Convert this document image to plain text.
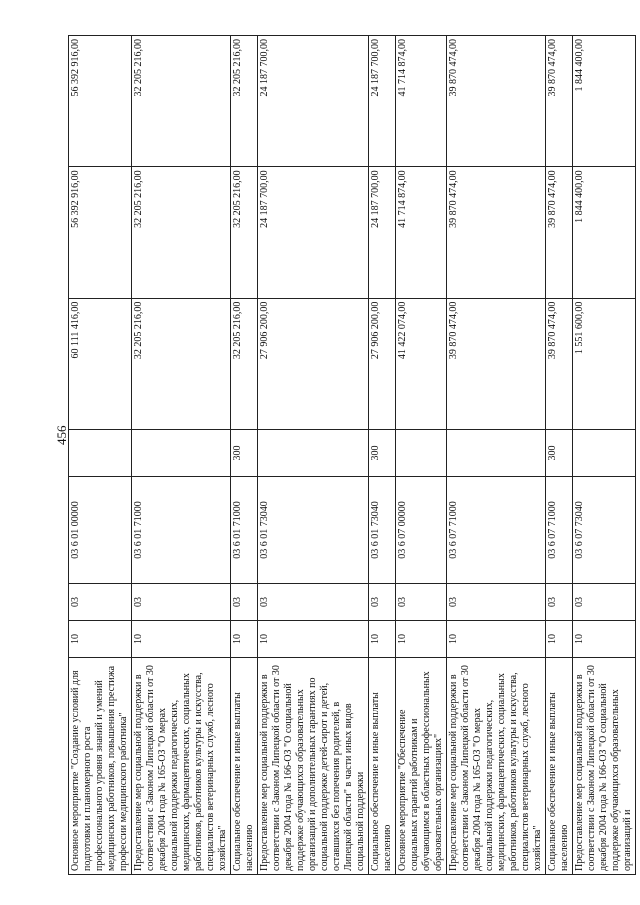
456
Основное мероприятие "Создание условий для подготовки и планомерного роста профессионального уровня знаний и умений медицинских работников, повышения престижа профессии медицинского работника"	10	03	03 6 01 00000		60 111 416,00	56 392 916,00	56 392 916,00
Предоставление мер социальной поддержки в соответствии с Законом Липецкой области от 30 декабря 2004 года № 165-ОЗ "О мерах социальной поддержки педагогических, медицинских, фармацевтических, социальных работников, работников культуры и искусства, специалистов ветеринарных служб, лесного хозяйства"	10	03	03 6 01 71000		32 205 216,00	32 205 216,00	32 205 216,00
Социальное обеспечение и иные выплаты населению	10	03	03 6 01 71000	300	32 205 216,00	32 205 216,00	32 205 216,00
Предоставление мер социальной поддержки в соответствии с Законом Липецкой области от 30 декабря 2004 года № 166-ОЗ "О социальной поддержке обучающихся образовательных организаций и дополнительных гарантиях по социальной поддержке детей-сирот и детей, оставшихся без попечения родителей, в Липецкой области" в части иных видов социальной поддержки	10	03	03 6 01 73040		27 906 200,00	24 187 700,00	24 187 700,00
Социальное обеспечение и иные выплаты населению	10	03	03 6 01 73040	300	27 906 200,00	24 187 700,00	24 187 700,00
Основное мероприятие "Обеспечение социальных гарантий работникам и обучающимся в областных профессиональных образовательных организациях"	10	03	03 6 07 00000		41 422 074,00	41 714 874,00	41 714 874,00
Предоставление мер социальной поддержки в соответствии с Законом Липецкой области от 30 декабря 2004 года № 165-ОЗ "О мерах социальной поддержки педагогических, медицинских, фармацевтических, социальных работников, работников культуры и искусства, специалистов ветеринарных служб, лесного хозяйства"	10	03	03 6 07 71000		39 870 474,00	39 870 474,00	39 870 474,00
Социальное обеспечение и иные выплаты населению	10	03	03 6 07 71000	300	39 870 474,00	39 870 474,00	39 870 474,00
Предоставление мер социальной поддержки в соответствии с Законом Липецкой области от 30 декабря 2004 года № 166-ОЗ "О социальной поддержке обучающихся образовательных организаций и	10	03	03 6 07 73040		1 551 600,00	1 844 400,00	1 844 400,00
